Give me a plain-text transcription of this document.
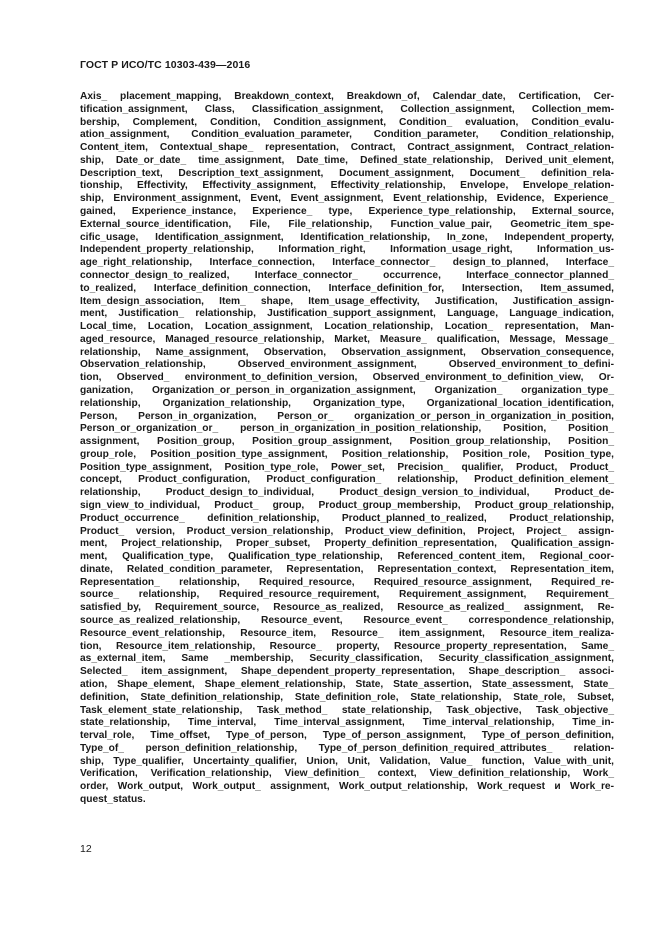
ГОСТ Р ИСО/ТС 10303-439—2016
Axis_ placement_mapping, Breakdown_context, Breakdown_of, Calendar_date, Certification, Cer-
tification_assignment, Class, Classification_assignment, Collection_assignment, Collection_mem-
bership, Complement, Condition, Condition_assignment, Condition_ evaluation, Condition_evalu-
ation_assignment, Condition_evaluation_parameter, Condition_parameter, Condition_relationship,
Content_item, Contextual_shape_ representation, Contract, Contract_assignment, Contract_relation-
ship, Date_or_date_ time_assignment, Date_time, Defined_state_relationship, Derived_unit_element,
Description_text, Description_text_assignment, Document_assignment, Document_ definition_rela-
tionship, Effectivity, Effectivity_assignment, Effectivity_relationship, Envelope, Envelope_relation-
ship, Environment_assignment, Event, Event_assignment, Event_relationship, Evidence, Experience_
gained, Experience_instance, Experience_ type, Experience_type_relationship, External_source,
External_source_identification, File, File_relationship, Function_value_pair, Geometric_item_spe-
cific_usage, Identification_assignment, Identification_relationship, In_zone, Independent_property,
Independent_property_relationship, Information_right, Information_usage_right, Information_us-
age_right_relationship, Interface_connection, Interface_connector_ design_to_planned, Interface_
connector_design_to_realized, Interface_connector_ occurrence, Interface_connector_planned_
to_realized, Interface_definition_connection, Interface_definition_for, Intersection, Item_assumed,
Item_design_association, Item_ shape, Item_usage_effectivity, Justification, Justification_assign-
ment, Justification_ relationship, Justification_support_assignment, Language, Language_indication,
Local_time, Location, Location_assignment, Location_relationship, Location_ representation, Man-
aged_resource, Managed_resource_relationship, Market, Measure_ qualification, Message, Message_
relationship, Name_assignment, Observation, Observation_assignment, Observation_consequence,
Observation_relationship, Observed_environment_assignment, Observed_environment_to_defini-
tion, Observed_ environment_to_definition_version, Observed_environment_to_definition_view, Or-
ganization, Organization_or_person_in_organization_assignment, Organization_ organization_type_
relationship, Organization_relationship, Organization_type, Organizational_location_identification,
Person, Person_in_organization, Person_or_ organization_or_person_in_organization_in_position,
Person_or_organization_or_ person_in_organization_in_position_relationship, Position, Position_
assignment, Position_group, Position_group_assignment, Position_group_relationship, Position_
group_role, Position_position_type_assignment, Position_relationship, Position_role, Position_type,
Position_type_assignment, Position_type_role, Power_set, Precision_ qualifier, Product, Product_
concept, Product_configuration, Product_configuration_ relationship, Product_definition_element_
relationship, Product_design_to_individual, Product_design_version_to_individual, Product_de-
sign_view_to_individual, Product_ group, Product_group_membership, Product_group_relationship,
Product_occurrence_ definition_relationship, Product_planned_to_realized, Product_relationship,
Product_ version, Product_version_relationship, Product_view_definition, Project, Project_ assign-
ment, Project_relationship, Proper_subset, Property_definition_representation, Qualification_assign-
ment, Qualification_type, Qualification_type_relationship, Referenced_content_item, Regional_coor-
dinate, Related_condition_parameter, Representation, Representation_context, Representation_item,
Representation_ relationship, Required_resource, Required_resource_assignment, Required_re-
source_ relationship, Required_resource_requirement, Requirement_assignment, Requirement_
satisfied_by, Requirement_source, Resource_as_realized, Resource_as_realized_ assignment, Re-
source_as_realized_relationship, Resource_event, Resource_event_ correspondence_relationship,
Resource_event_relationship, Resource_item, Resource_ item_assignment, Resource_item_realiza-
tion, Resource_item_relationship, Resource_ property, Resource_property_representation, Same_
as_external_item, Same _membership, Security_classification, Security_classification_assignment,
Selected_ item_assignment, Shape_dependent_property_representation, Shape_description_ associ-
ation, Shape_element, Shape_element_relationship, State, State_assertion, State_assessment, State_
definition, State_definition_relationship, State_definition_role, State_relationship, State_role, Subset,
Task_element_state_relationship, Task_method_ state_relationship, Task_objective, Task_objective_
state_relationship, Time_interval, Time_interval_assignment, Time_interval_relationship, Time_in-
terval_role, Time_offset, Type_of_person, Type_of_person_assignment, Type_of_person_definition,
Type_of_ person_definition_relationship, Type_of_person_definition_required_attributes_ relation-
ship, Type_qualifier, Uncertainty_qualifier, Union, Unit, Validation, Value_ function, Value_with_unit,
Verification, Verification_relationship, View_definition_ context, View_definition_relationship, Work_
order, Work_output, Work_output_ assignment, Work_output_relationship, Work_request и Work_re-
quest_status.
12
